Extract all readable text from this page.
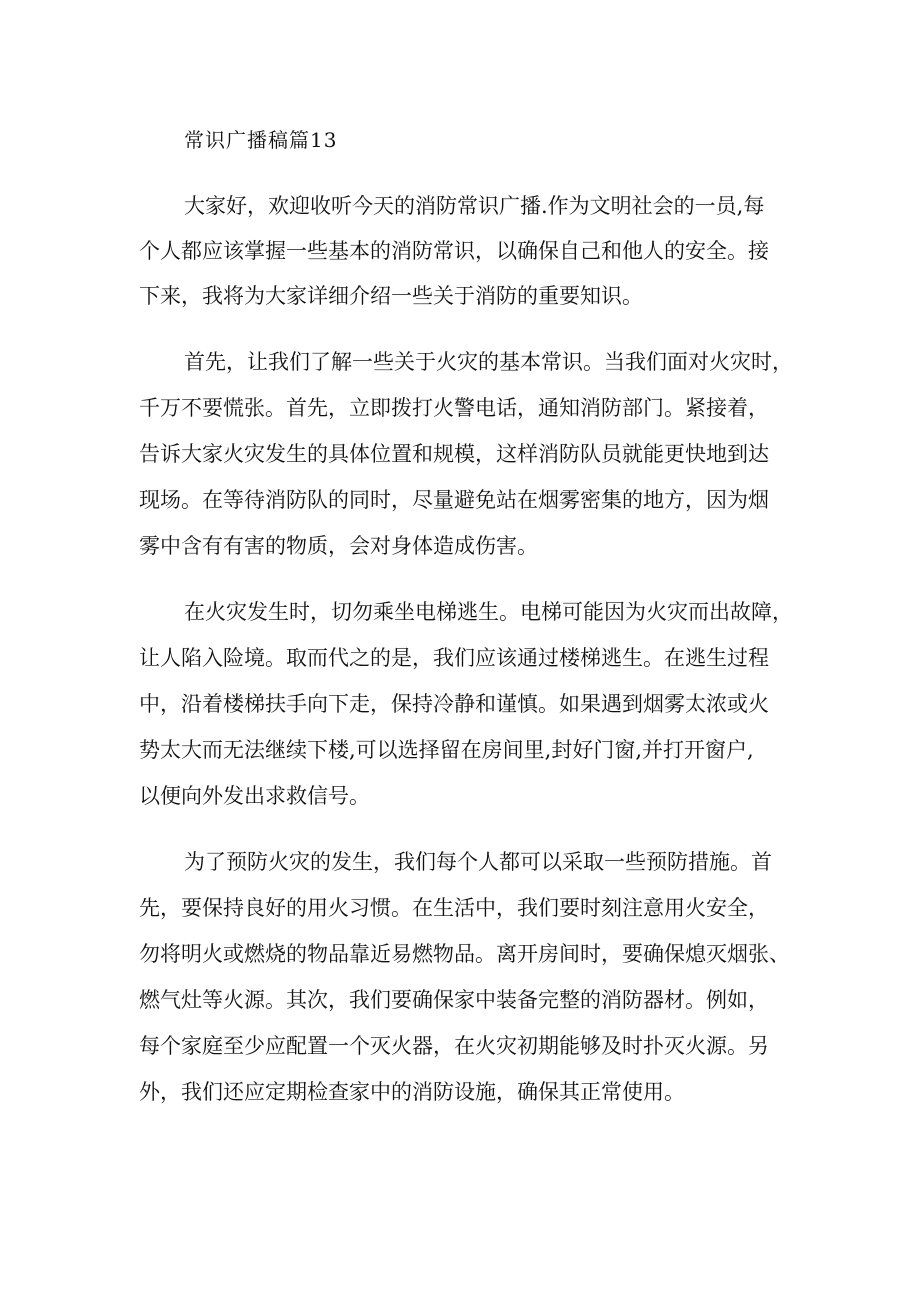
常识广播稿篇13
大家好，欢迎收听今天的消防常识广播.作为文明社会的一员,每
个人都应该掌握一些基本的消防常识，以确保自己和他人的安全。接
下来，我将为大家详细介绍一些关于消防的重要知识。
首先，让我们了解一些关于火灾的基本常识。当我们面对火灾时，
千万不要慌张。首先，立即拨打火警电话，通知消防部门。紧接着，
告诉大家火灾发生的具体位置和规模，这样消防队员就能更快地到达
现场。在等待消防队的同时，尽量避免站在烟雾密集的地方，因为烟
雾中含有有害的物质，会对身体造成伤害。
在火灾发生时，切勿乘坐电梯逃生。电梯可能因为火灾而出故障，
让人陷入险境。取而代之的是，我们应该通过楼梯逃生。在逃生过程
中，沿着楼梯扶手向下走，保持冷静和谨慎。如果遇到烟雾太浓或火
势太大而无法继续下楼,可以选择留在房间里,封好门窗,并打开窗户,
以便向外发出求救信号。
为了预防火灾的发生，我们每个人都可以采取一些预防措施。首
先，要保持良好的用火习惯。在生活中，我们要时刻注意用火安全，
勿将明火或燃烧的物品靠近易燃物品。离开房间时，要确保熄灭烟张、
燃气灶等火源。其次，我们要确保家中装备完整的消防器材。例如，
每个家庭至少应配置一个灭火器，在火灾初期能够及时扑灭火源。另
外，我们还应定期检查家中的消防设施，确保其正常使用。
